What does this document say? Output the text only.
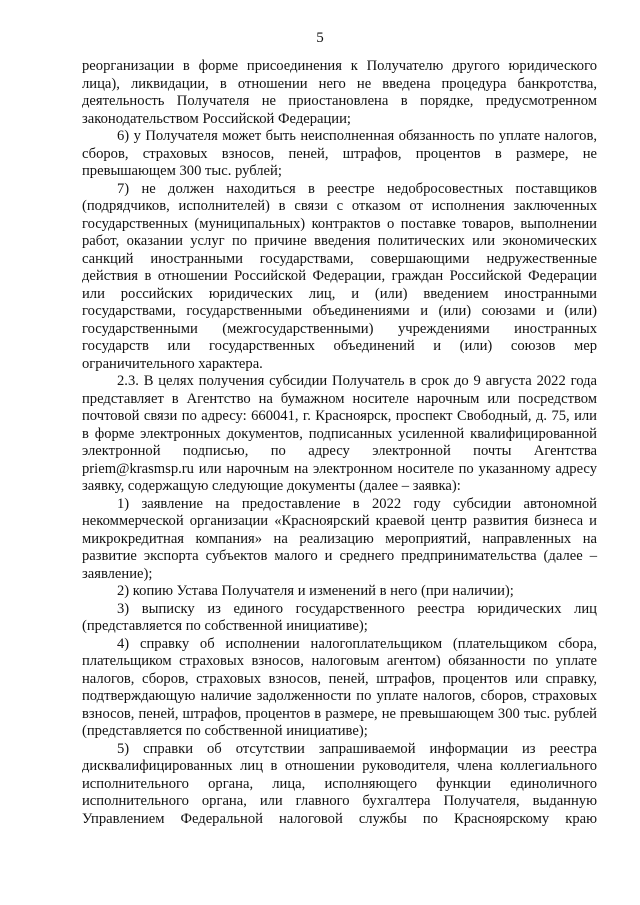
5

реорганизации в форме присоединения к Получателю другого юридического лица), ликвидации, в отношении него не введена процедура банкротства, деятельность Получателя не приостановлена в порядке, предусмотренном законодательством Российской Федерации;

6) у Получателя может быть неисполненная обязанность по уплате налогов, сборов, страховых взносов, пеней, штрафов, процентов в размере, не превышающем 300 тыс. рублей;

7) не должен находиться в реестре недобросовестных поставщиков (подрядчиков, исполнителей) в связи с отказом от исполнения заключенных государственных (муниципальных) контрактов о поставке товаров, выполнении работ, оказании услуг по причине введения политических или экономических санкций иностранными государствами, совершающими недружественные действия в отношении Российской Федерации, граждан Российской Федерации или российских юридических лиц, и (или) введением иностранными государствами, государственными объединениями и (или) союзами и (или) государственными (межгосударственными) учреждениями иностранных государств или государственных объединений и (или) союзов мер ограничительного характера.

2.3. В целях получения субсидии Получатель в срок до 9 августа 2022 года представляет в Агентство на бумажном носителе нарочным или посредством почтовой связи по адресу: 660041, г. Красноярск, проспект Свободный, д. 75, или в форме электронных документов, подписанных усиленной квалифицированной электронной подписью, по адресу электронной почты Агентства priem@krasmsp.ru или нарочным на электронном носителе по указанному адресу заявку, содержащую следующие документы (далее – заявка):

1) заявление на предоставление в 2022 году субсидии автономной некоммерческой организации «Красноярский краевой центр развития бизнеса и микрокредитная компания» на реализацию мероприятий, направленных на развитие экспорта субъектов малого и среднего предпринимательства (далее – заявление);

2) копию Устава Получателя и изменений в него (при наличии);

3) выписку из единого государственного реестра юридических лиц (представляется по собственной инициативе);

4) справку об исполнении налогоплательщиком (плательщиком сбора, плательщиком страховых взносов, налоговым агентом) обязанности по уплате налогов, сборов, страховых взносов, пеней, штрафов, процентов или справку, подтверждающую наличие задолженности по уплате налогов, сборов, страховых взносов, пеней, штрафов, процентов в размере, не превышающем 300 тыс. рублей (представляется по собственной инициативе);

5) справки об отсутствии запрашиваемой информации из реестра дисквалифицированных лиц в отношении руководителя, члена коллегиального исполнительного органа, лица, исполняющего функции единоличного исполнительного органа, или главного бухгалтера Получателя, выданную Управлением Федеральной налоговой службы по Красноярскому краю
